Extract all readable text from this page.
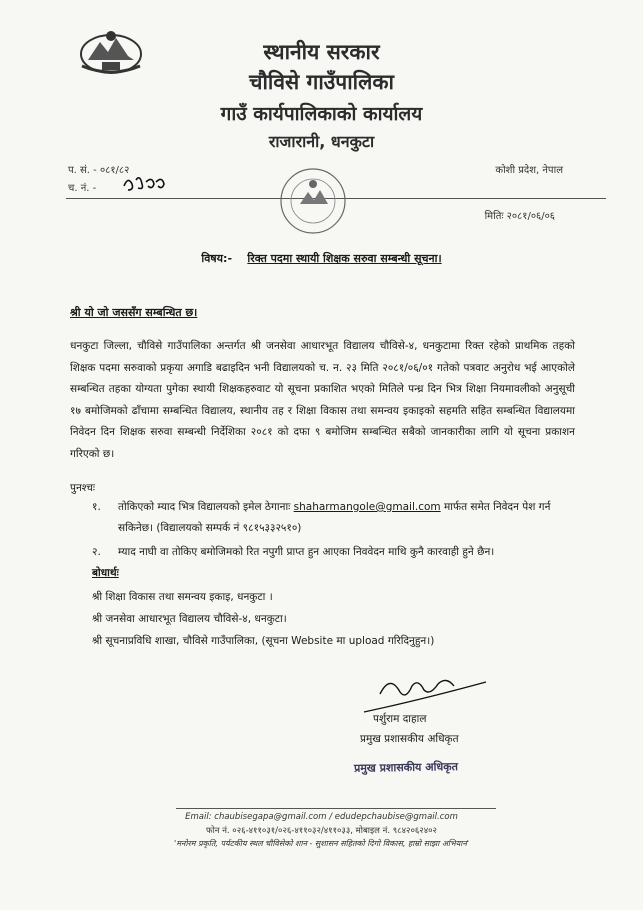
स्थानीय सरकार
चौविसे गाउँपालिका
गाउँ कार्यपालिकाको कार्यालय
राजारानी, धनकुटा
प. सं. - ०८१/८२
च. नं. -
कोशी प्रदेश, नेपाल
मितिः २०८१/०६/०६
विषय:- रिक्त पदमा स्थायी शिक्षक सरुवा सम्बन्धी सूचना।
श्री यो जो जससँग सम्बन्धित छ।
धनकुटा जिल्ला, चौविसे गाउँपालिका अन्तर्गत श्री जनसेवा आधारभूत विद्यालय चौविसे-४, धनकुटामा रिक्त रहेको प्राथमिक तहको शिक्षक पदमा सरुवाको प्रकृया अगाडि बढाइदिन भनी विद्यालयको च. न. २३ मिति २०८१/०६/०१ गतेको पत्रवाट अनुरोध भई आएकोले सम्बन्धित तहका योग्यता पुगेका स्थायी शिक्षकहरुवाट यो सूचना प्रकाशित भएको मितिले पन्ध्र दिन भित्र शिक्षा नियमावलीको अनुसूची १७ बमोजिमको ढाँचामा सम्बन्धित विद्यालय, स्थानीय तह र शिक्षा विकास तथा समन्वय इकाइको सहमति सहित सम्बन्धित विद्यालयमा निवेदन दिन शिक्षक सरुवा सम्बन्धी निर्देशिका २०८१ को दफा ९ बमोजिम सम्बन्धित सबैको जानकारीका लागि यो सूचना प्रकाशन गरिएको छ।
पुनश्चः
१. तोकिएको म्याद भित्र विद्यालयको इमेल ठेगानाः shaharmangole@gmail.com मार्फत समेत निवेदन पेश गर्न सकिनेछ। (विद्यालयको सम्पर्क नं ९८१५३३२५१०)
२. म्याद नाघी वा तोकिए बमोजिमको रित नपुगी प्राप्त हुन आएका निववेदन माथि कुनै कारवाही हुने छैन।
बोधार्थः
श्री शिक्षा विकास तथा समन्वय इकाइ, धनकुटा ।
श्री जनसेवा आधारभूत विद्यालय चौविसे-४, धनकुटा।
श्री सूचनाप्रविधि शाखा, चौविसे गाउँपालिका, (सूचना Website मा upload गरिदिनुहुन।)
पर्शुराम दाहाल
प्रमुख प्रशासकीय अधिकृत
प्रमुख प्रशासकीय अधिकृत
Email: chaubisegapa@gmail.com / edudepchaubise@gmail.com
फोन नं. ०२६-४११०३१/०२६-४११०३२/४११०३३, मोबाइल नं. ९८४२०६२४०२
'मनोरम प्रकृति, पर्यटकीय स्थल चौविसेको शान - सुशासन सहितको दिगो विकास, हाम्रो साझा अभियान'
